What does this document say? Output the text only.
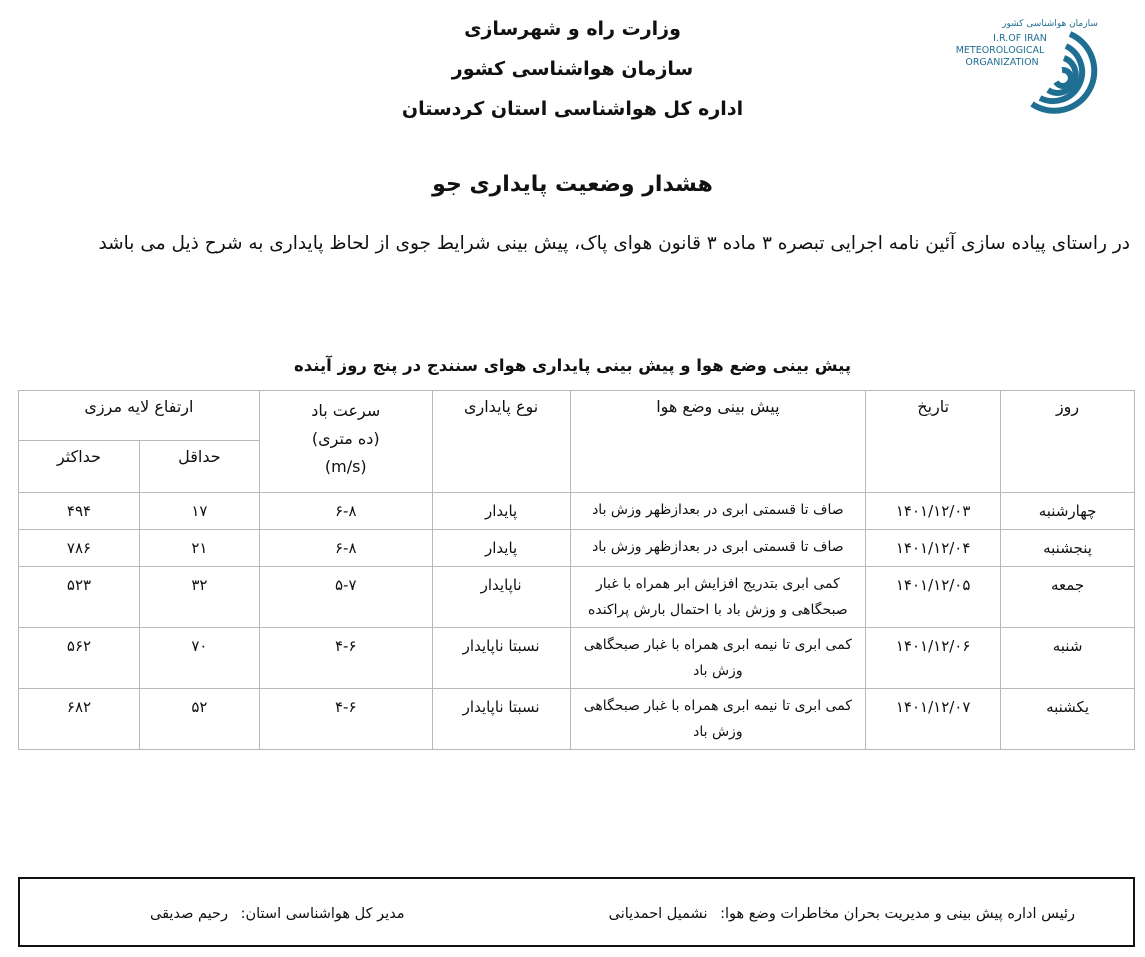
سازمان هواشناسی کشور
I.R.OF IRAN
METEOROLOGICAL
ORGANIZATION
وزارت راه و شهرسازی
سازمان هواشناسی کشور
اداره کل هواشناسی استان کردستان
هشدار وضعیت پایداری جو
در راستای پیاده سازی آئین نامه اجرایی تبصره ۳ ماده ۳ قانون هوای پاک، پیش بینی شرایط جوی از لحاظ پایداری به شرح ذیل می باشد
پیش بینی وضع هوا و پیش بینی پایداری هوای سنندج در پنج روز آینده
روز	تاریخ	پیش بینی وضع هوا	نوع پایداری	سرعت باد
(ده متری)
(m/s)	ارتفاع لایه مرزی	
					حداقل	حداکثر
چهارشنبه	۱۴۰۱/۱۲/۰۳	صاف تا قسمتی ابری در بعدازظهر وزش باد	پایدار	۶-۸	۱۷	۴۹۴
پنجشنبه	۱۴۰۱/۱۲/۰۴	صاف تا قسمتی ابری در بعدازظهر وزش باد	پایدار	۶-۸	۲۱	۷۸۶
جمعه	۱۴۰۱/۱۲/۰۵	کمی ابری بتدریج افزایش ابر همراه با غبار صبحگاهی و وزش باد با احتمال بارش پراکنده	ناپایدار	۵-۷	۳۲	۵۲۳
شنبه	۱۴۰۱/۱۲/۰۶	کمی ابری تا نیمه ابری همراه با غبار صبحگاهی وزش باد	نسبتا ناپایدار	۴-۶	۷۰	۵۶۲
یکشنبه	۱۴۰۱/۱۲/۰۷	کمی ابری تا نیمه ابری همراه با غبار صبحگاهی وزش باد	نسبتا ناپایدار	۴-۶	۵۲	۶۸۲
رئیس اداره پیش بینی و مدیریت بحران مخاطرات وضع هوا: نشمیل احمدیانی
مدیر کل هواشناسی استان: رحیم صدیقی
